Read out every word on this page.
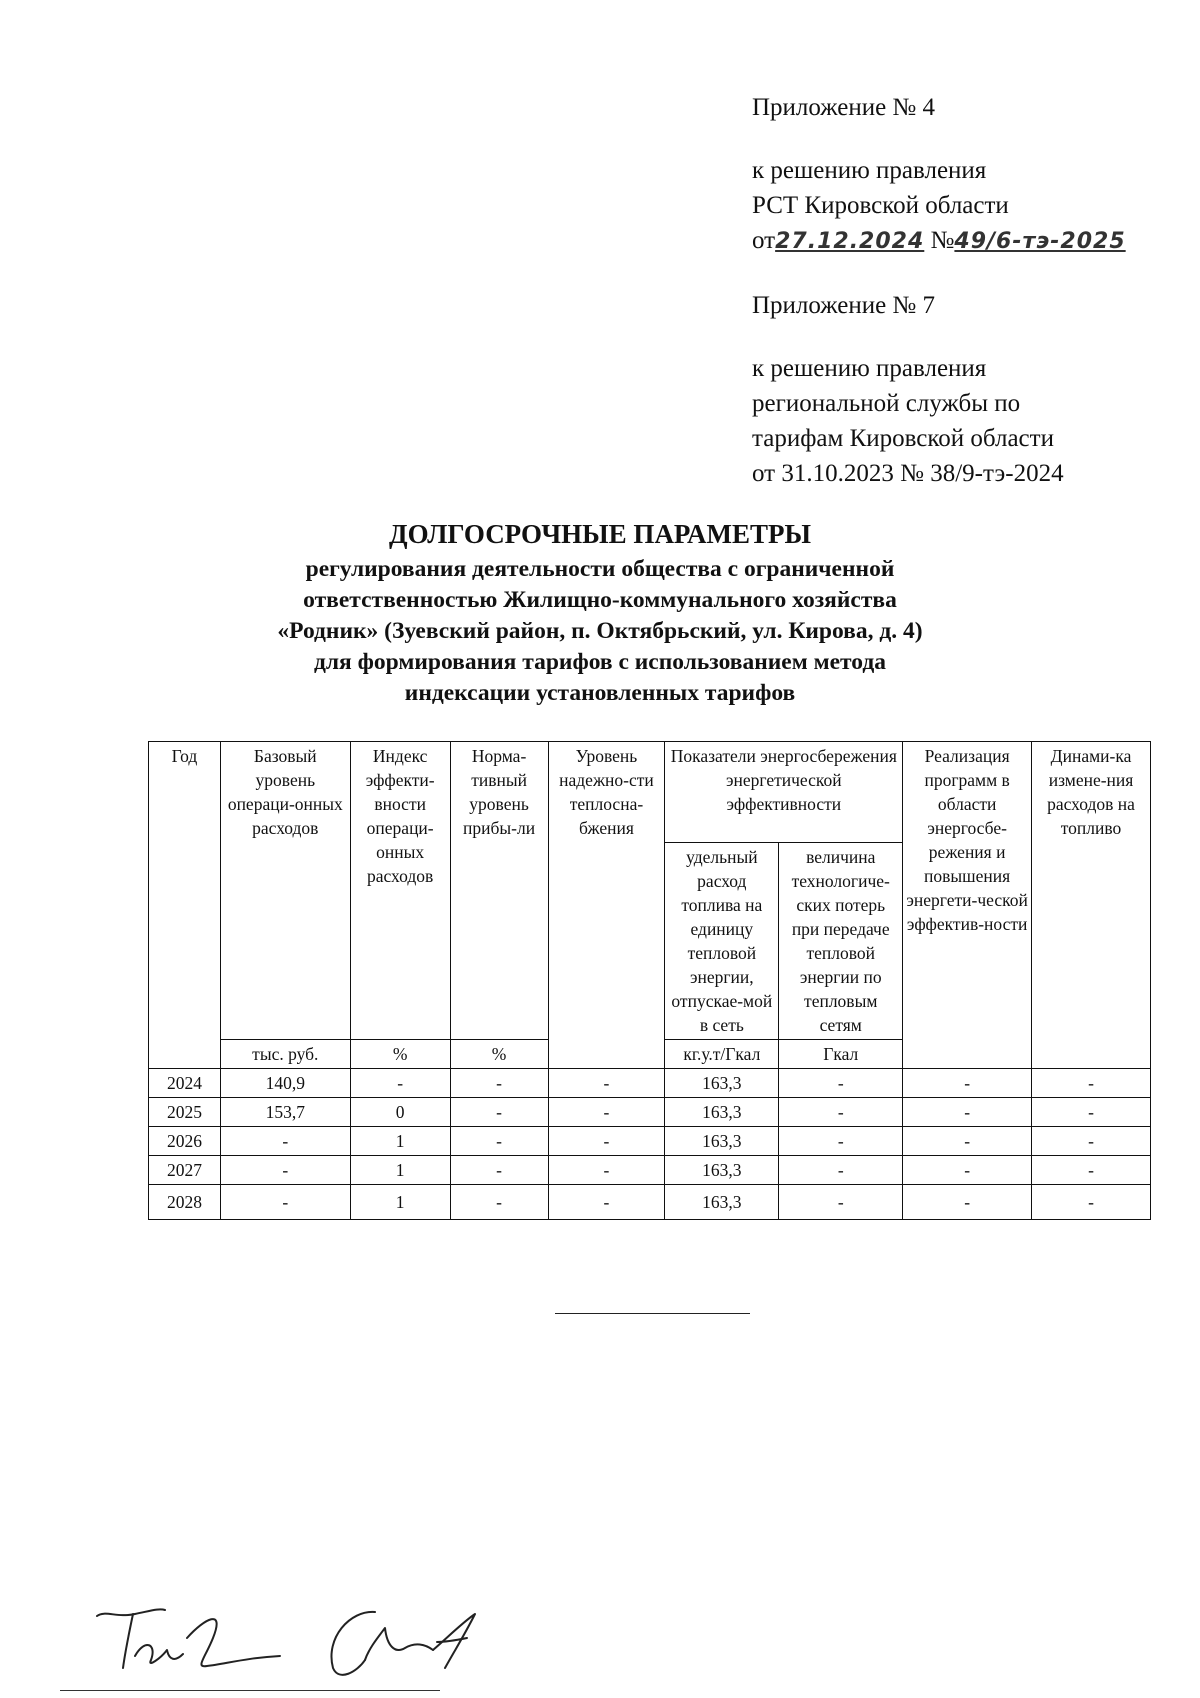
Приложение № 4
к решению правления
РСТ Кировской области
от27.12.2024 №49/6-тэ-2025
Приложение № 7
к решению правления
региональной службы по
тарифам Кировской области
от 31.10.2023 № 38/9-тэ-2024
ДОЛГОСРОЧНЫЕ ПАРАМЕТРЫ
регулирования деятельности общества с ограниченной
ответственностью Жилищно-коммунального хозяйства
«Родник» (Зуевский район, п. Октябрьский, ул. Кирова, д. 4)
для формирования тарифов с использованием метода
индексации установленных тарифов
Год	Базовый уровень операци-онных расходов	Индекс эффекти-вности операци-онных расходов	Норма-тивный уровень прибы-ли	Уровень надежно-сти теплосна-бжения	Показатели энергосбережения энергетической эффективности		Реализация программ в области энергосбе-режения и повышения энергети-ческой эффектив-ности	Динами-ка измене-ния расходов на топливо
					удельный расход топлива на единицу тепловой энергии, отпускае-мой в сеть	величина технологиче-ских потерь при передаче тепловой энергии по тепловым сетям		
	тыс. руб.	%	%		кг.у.т/Гкал	Гкал		
2024	140,9	-	-	-	163,3	-	-	-
2025	153,7	0	-	-	163,3	-	-	-
2026	-	1	-	-	163,3	-	-	-
2027	-	1	-	-	163,3	-	-	-
2028	-	1	-	-	163,3	-	-	-
